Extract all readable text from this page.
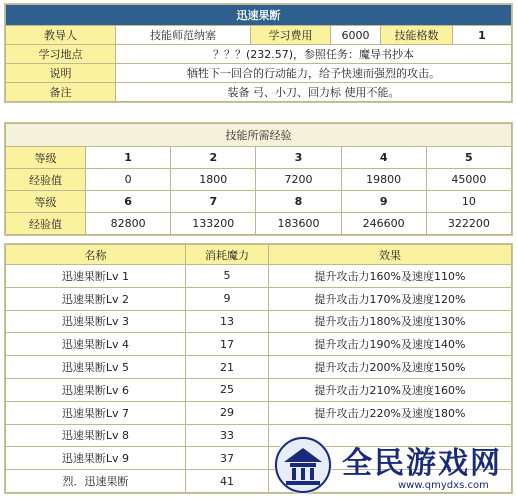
迅速果断					
教导人	技能师范纳塞	学习费用	6000	技能格数	1
学习地点	？？？(232.57)，参照任务：魔导书抄本				
说明	牺牲下一回合的行动能力，给予快速而强烈的攻击。				
备注	装备 弓、小刀、回力标 使用不能。				
技能所需经验					
等级	1	2	3	4	5
经验值	0	1800	7200	19800	45000
等级	6	7	8	9	10
经验值	82800	133200	183600	246600	322200
名称	消耗魔力	效果
迅速果断Lv 1	5	提升攻击力160%及速度110%
迅速果断Lv 2	9	提升攻击力170%及速度120%
迅速果断Lv 3	13	提升攻击力180%及速度130%
迅速果断Lv 4	17	提升攻击力190%及速度140%
迅速果断Lv 5	21	提升攻击力200%及速度150%
迅速果断Lv 6	25	提升攻击力210%及速度160%
迅速果断Lv 7	29	提升攻击力220%及速度180%
迅速果断Lv 8	33	
迅速果断Lv 9	37	
烈．迅速果断	41	
全民游戏网
www.qmydxs.com
